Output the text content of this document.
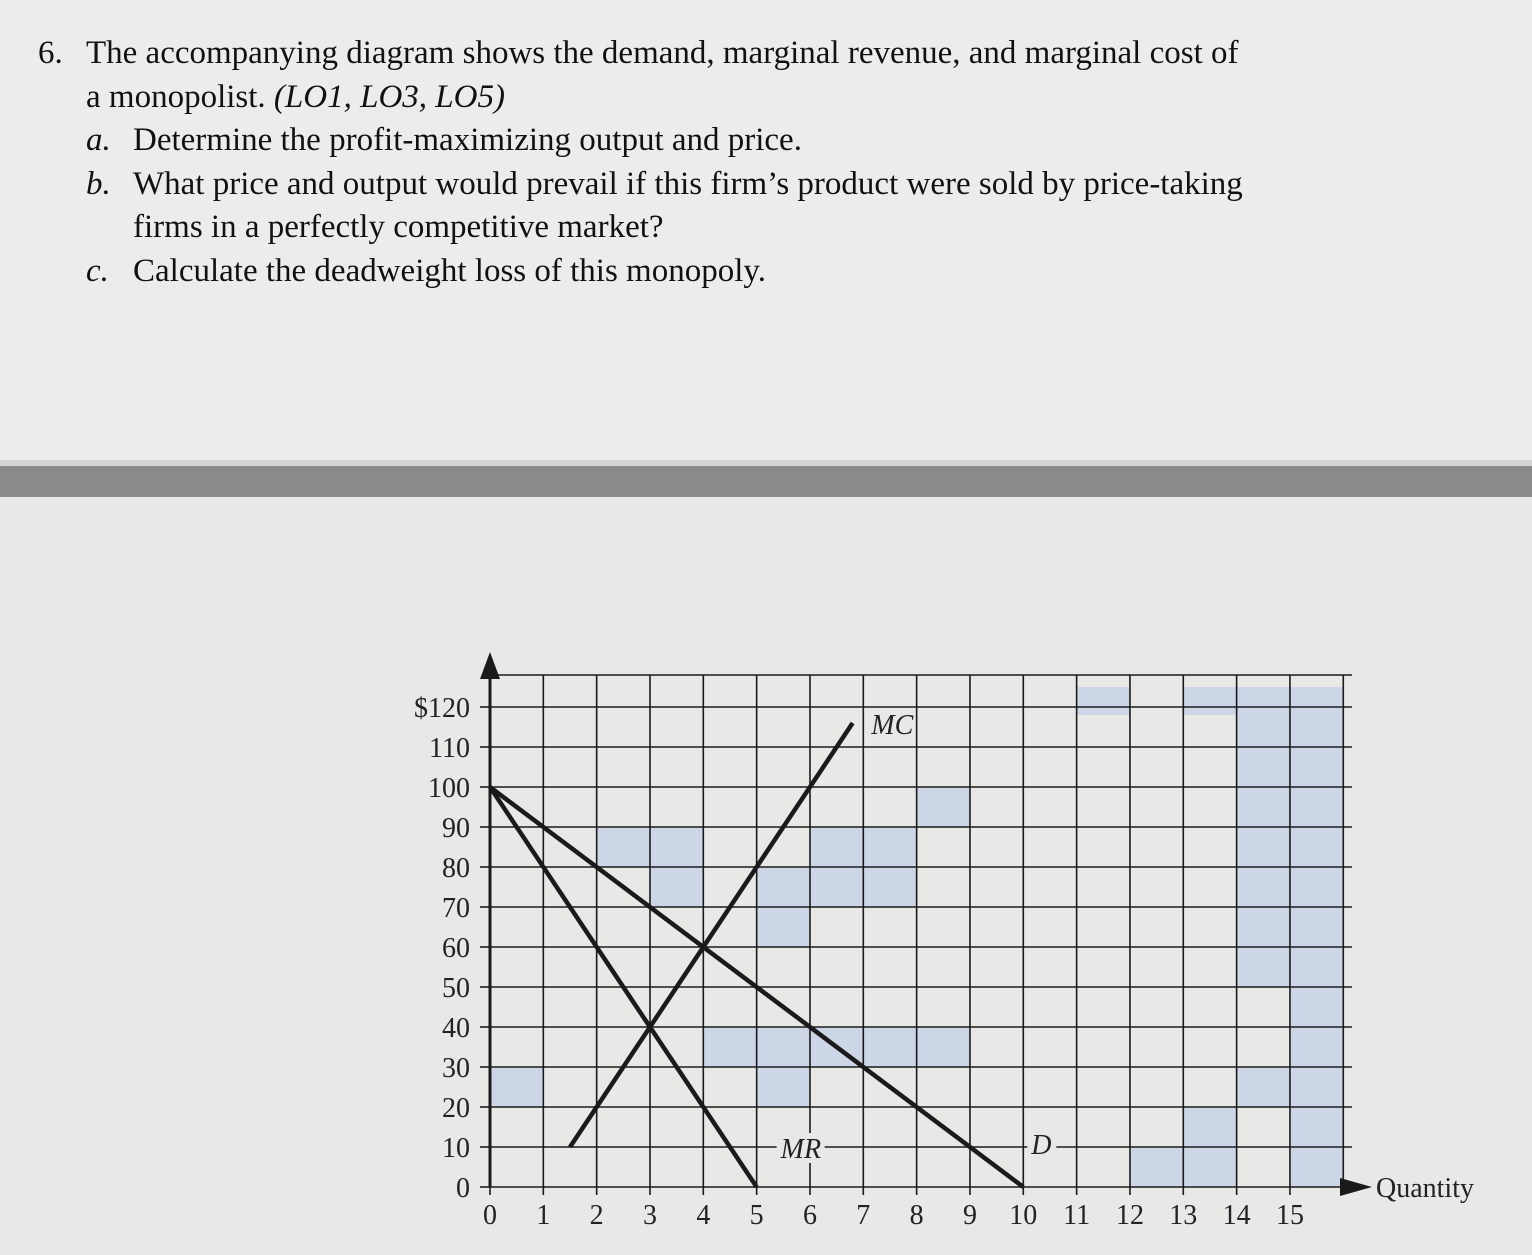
6. The accompanying diagram shows the demand, marginal revenue, and marginal cost of
a monopolist. (LO1, LO3, LO5)
a. Determine the profit-maximizing output and price.
b. What price and output would prevail if this firm’s product were sold by price-taking
firms in a perfectly competitive market?
c. Calculate the deadweight loss of this monopoly.
Quantity
0
10
20
30
40
50
60
70
80
90
100
110
$120
0 1 2 3 4 5 6 7 8 9 10 11 12 13 14 15
D
MR
MC
